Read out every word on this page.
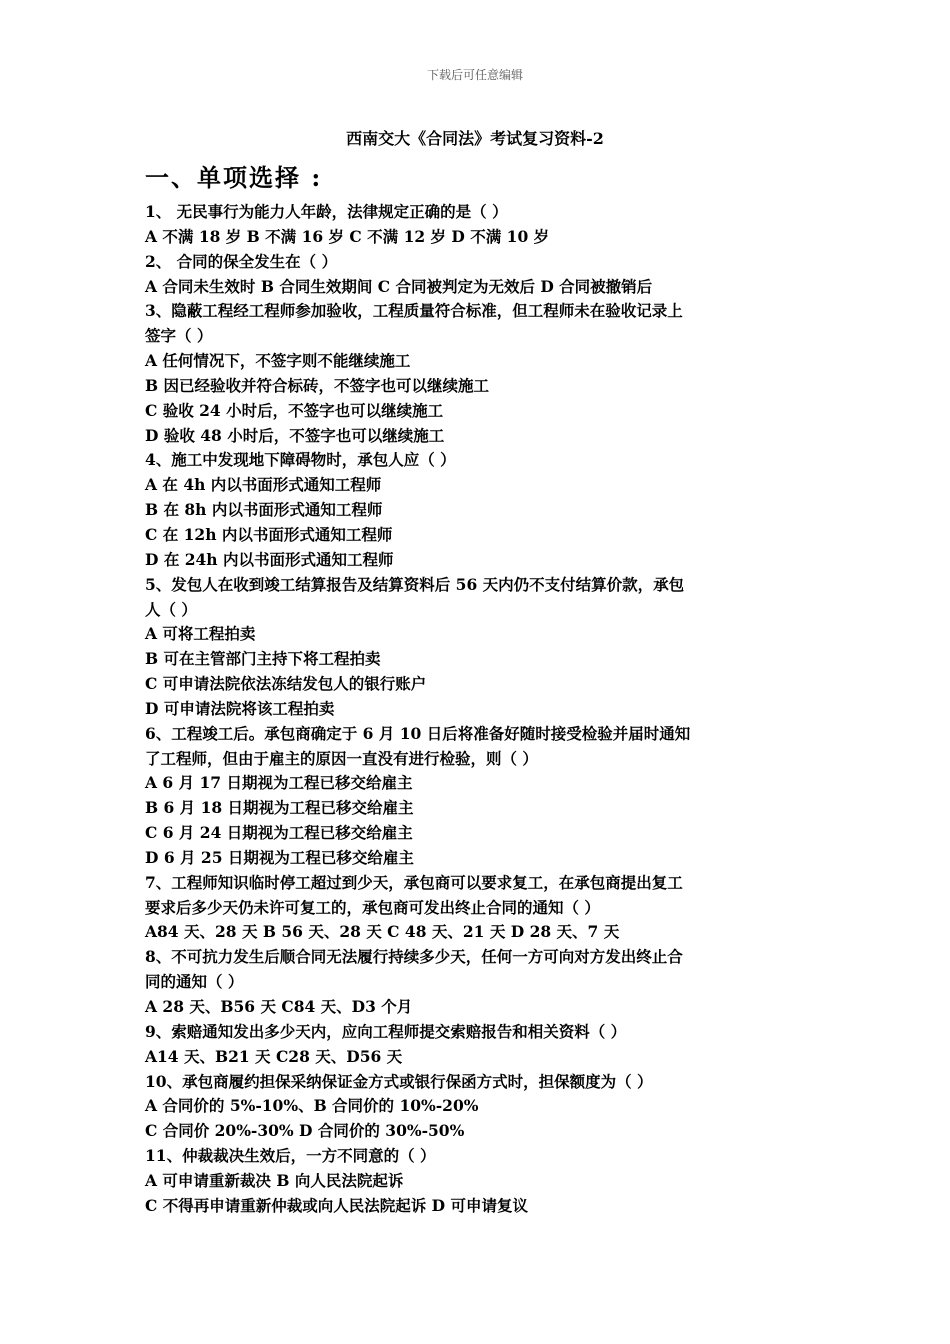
下载后可任意编辑
西南交大《合同法》考试复习资料-2
一、单项选择 :
1、 无民事行为能力人年龄，法律规定正确的是（ ）
A 不满 18 岁 B 不满 16 岁 C 不满 12 岁 D 不满 10 岁
2、 合同的保全发生在（ ）
A 合同未生效时 B 合同生效期间 C 合同被判定为无效后 D 合同被撤销后
3、隐蔽工程经工程师参加验收，工程质量符合标准，但工程师未在验收记录上
签字（ ）
A 任何情况下，不签字则不能继续施工
B 因已经验收并符合标砖，不签字也可以继续施工
C 验收 24 小时后，不签字也可以继续施工
D 验收 48 小时后，不签字也可以继续施工
4、施工中发现地下障碍物时，承包人应（ ）
A 在 4h 内以书面形式通知工程师
B 在 8h 内以书面形式通知工程师
C 在 12h 内以书面形式通知工程师
D 在 24h 内以书面形式通知工程师
5、发包人在收到竣工结算报告及结算资料后 56 天内仍不支付结算价款，承包
人（ ）
A 可将工程拍卖
B 可在主管部门主持下将工程拍卖
C 可申请法院依法冻结发包人的银行账户
D 可申请法院将该工程拍卖
6、工程竣工后。承包商确定于 6 月 10 日后将准备好随时接受检验并届时通知
了工程师，但由于雇主的原因一直没有进行检验，则（ ）
A 6 月 17 日期视为工程已移交给雇主
B 6 月 18 日期视为工程已移交给雇主
C 6 月 24 日期视为工程已移交给雇主
D 6 月 25 日期视为工程已移交给雇主
7、工程师知识临时停工超过到少天，承包商可以要求复工，在承包商提出复工
要求后多少天仍未许可复工的，承包商可发出终止合同的通知（ ）
A84 天、28 天 B 56 天、28 天 C 48 天、21 天 D 28 天、7 天
8、不可抗力发生后顺合同无法履行持续多少天，任何一方可向对方发出终止合
同的通知（ ）
A 28 天、B56 天 C84 天、D3 个月
9、索赔通知发出多少天内，应向工程师提交索赔报告和相关资料（ ）
A14 天、B21 天 C28 天、D56 天
10、承包商履约担保采纳保证金方式或银行保函方式时，担保额度为（ ）
A 合同价的 5%-10%、B 合同价的 10%-20%
C 合同价 20%-30% D 合同价的 30%-50%
11、仲裁裁决生效后，一方不同意的（ ）
A 可申请重新裁决 B 向人民法院起诉
C 不得再申请重新仲裁或向人民法院起诉 D 可申请复议
